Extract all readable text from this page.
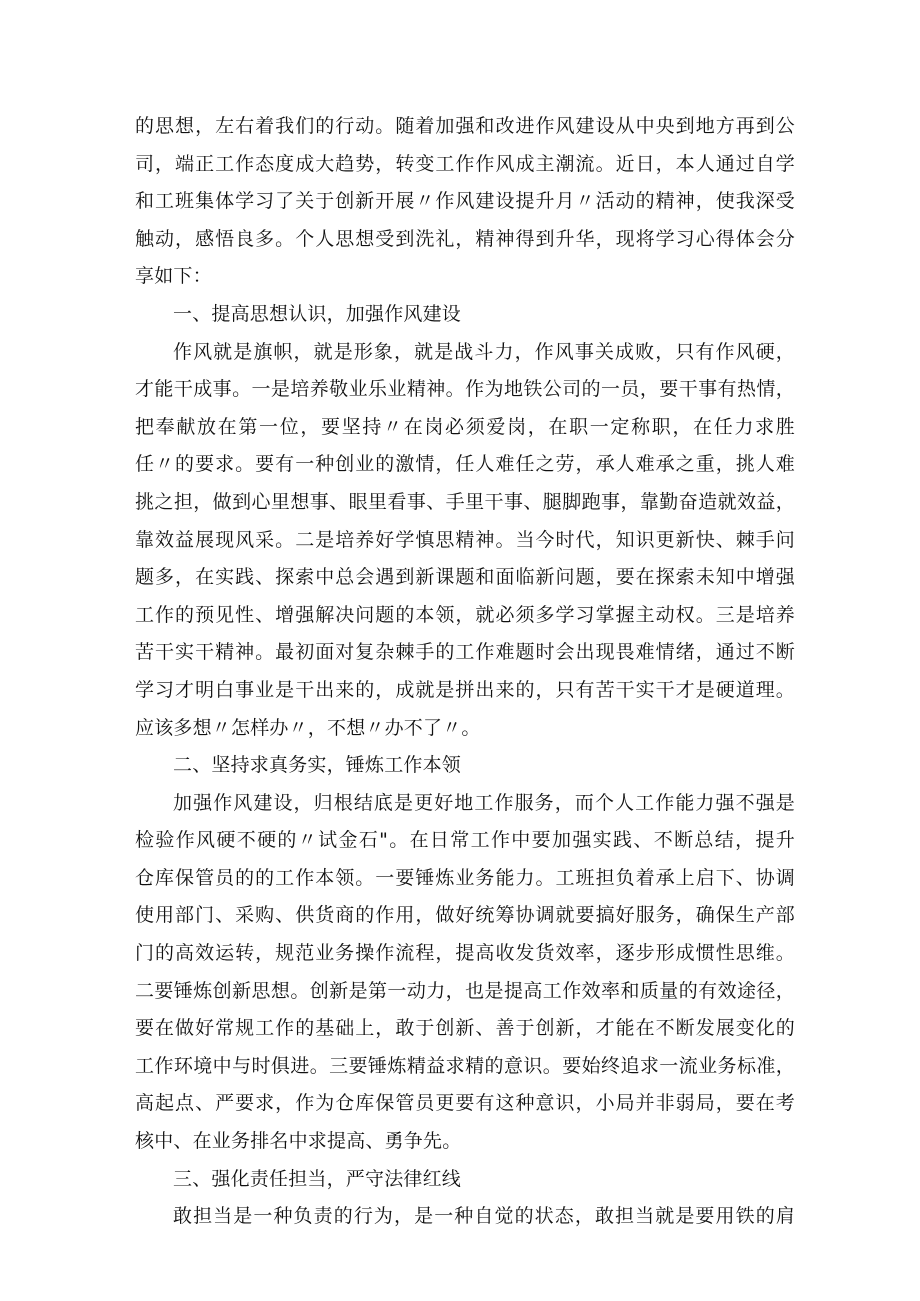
的思想，左右着我们的行动。随着加强和改进作风建设从中央到地方再到公
司，端正工作态度成大趋势，转变工作作风成主潮流。近日，本人通过自学
和工班集体学习了关于创新开展〃作风建设提升月〃活动的精神，使我深受
触动，感悟良多。个人思想受到洗礼，精神得到升华，现将学习心得体会分
享如下：
一、提高思想认识，加强作风建设
作风就是旗帜，就是形象，就是战斗力，作风事关成败，只有作风硬，
才能干成事。一是培养敬业乐业精神。作为地铁公司的一员，要干事有热情，
把奉献放在第一位，要坚持〃在岗必须爱岗，在职一定称职，在任力求胜
任〃的要求。要有一种创业的激情，任人难任之劳，承人难承之重，挑人难
挑之担，做到心里想事、眼里看事、手里干事、腿脚跑事，靠勤奋造就效益，
靠效益展现风采。二是培养好学慎思精神。当今时代，知识更新快、棘手问
题多，在实践、探索中总会遇到新课题和面临新问题，要在探索未知中增强
工作的预见性、增强解决问题的本领，就必须多学习掌握主动权。三是培养
苦干实干精神。最初面对复杂棘手的工作难题时会出现畏难情绪，通过不断
学习才明白事业是干出来的，成就是拼出来的，只有苦干实干才是硬道理。
应该多想〃怎样办〃，不想〃办不了〃。
二、坚持求真务实，锤炼工作本领
加强作风建设，归根结底是更好地工作服务，而个人工作能力强不强是
检验作风硬不硬的〃试金石"。在日常工作中要加强实践、不断总结，提升
仓库保管员的的工作本领。一要锤炼业务能力。工班担负着承上启下、协调
使用部门、采购、供货商的作用，做好统筹协调就要搞好服务，确保生产部
门的高效运转，规范业务操作流程，提高收发货效率，逐步形成惯性思维。
二要锤炼创新思想。创新是第一动力，也是提高工作效率和质量的有效途径，
要在做好常规工作的基础上，敢于创新、善于创新，才能在不断发展变化的
工作环境中与时俱进。三要锤炼精益求精的意识。要始终追求一流业务标准，
高起点、严要求，作为仓库保管员更要有这种意识，小局并非弱局，要在考
核中、在业务排名中求提高、勇争先。
三、强化责任担当，严守法律红线
敢担当是一种负责的行为，是一种自觉的状态，敢担当就是要用铁的肩
